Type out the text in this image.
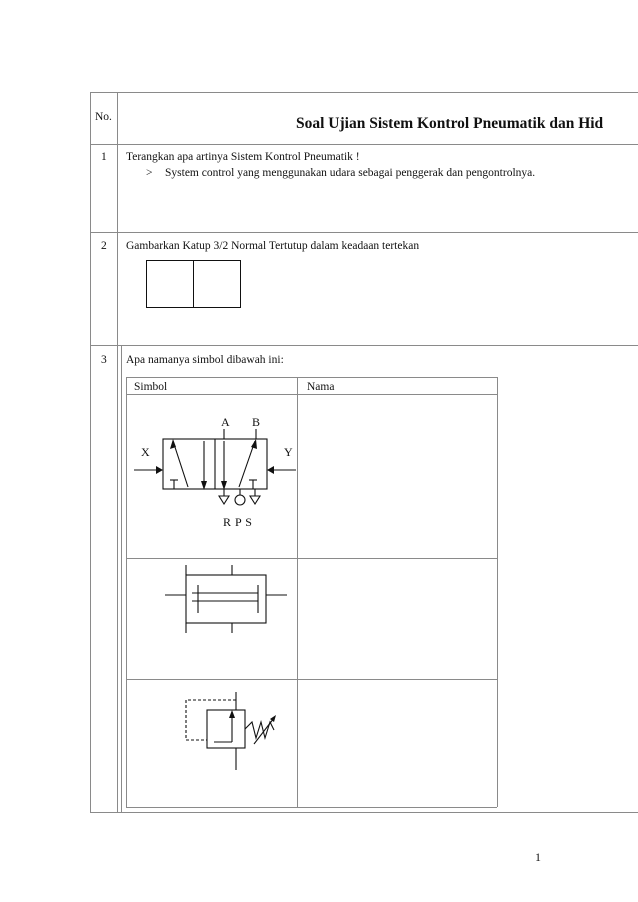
No.	Soal Ujian Sistem Kontrol Pneumatik dan Hid
1 Terangkan apa artinya Sistem Kontrol Pneumatik !
> System control yang menggunakan udara sebagai penggerak dan pengontrolnya.
2 Gambarkan Katup 3/2 Normal Tertutup dalam keadaan tertekan
3 Apa namanya simbol dibawah ini:
Simbol	Nama
A B
X	Y
R P S
1
